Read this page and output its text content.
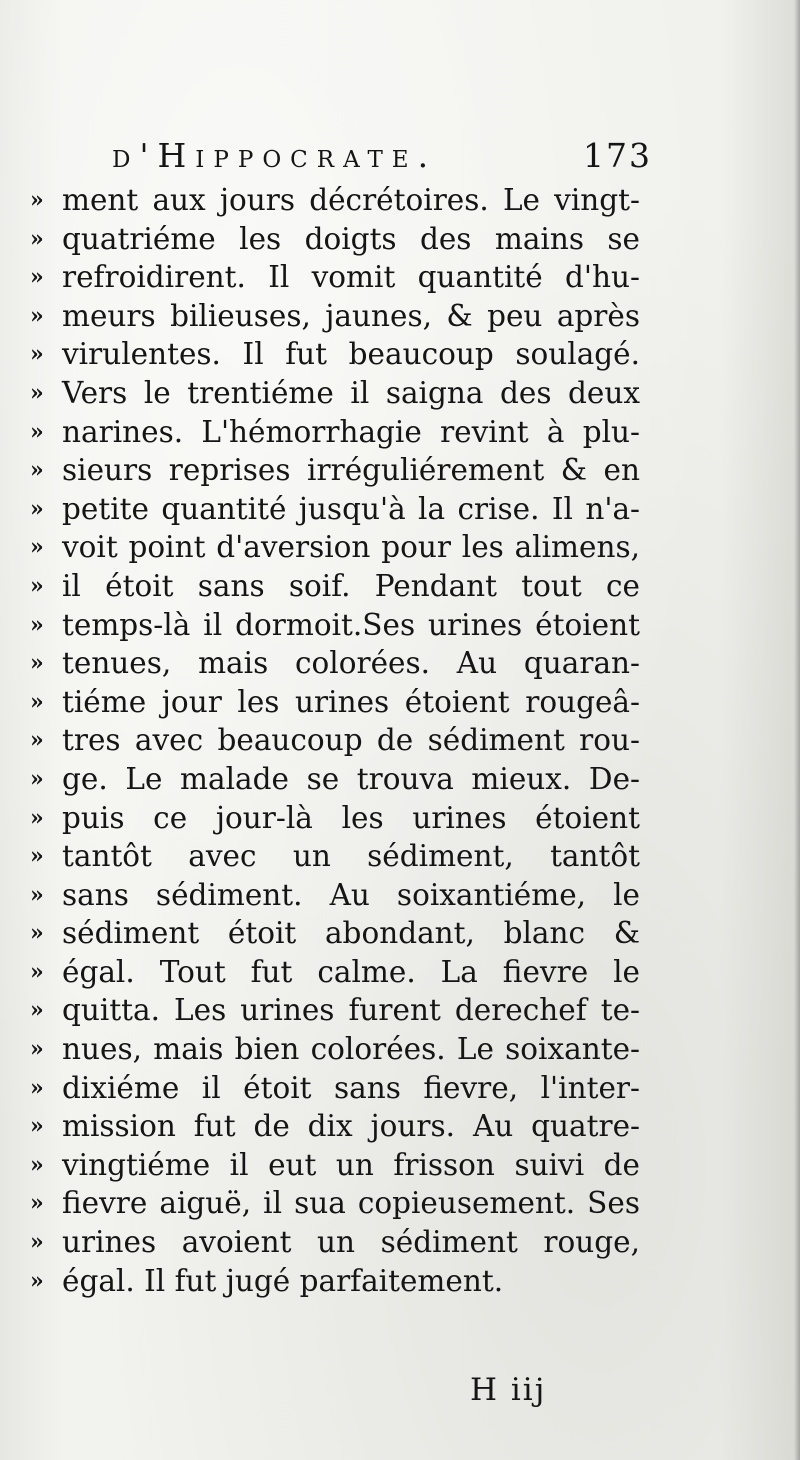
d'Hippocrate.	173
» ment aux jours décrétoires. Le vingt-
» quatriéme les doigts des mains se
» refroidirent. Il vomit quantité d'hu-
» meurs bilieuses, jaunes, & peu après
» virulentes. Il fut beaucoup soulagé.
» Vers le trentiéme il saigna des deux
» narines. L'hémorrhagie revint à plu-
» sieurs reprises irréguliérement & en
» petite quantité jusqu'à la crise. Il n'a-
» voit point d'aversion pour les alimens,
» il étoit sans soif. Pendant tout ce
» temps-là il dormoit.Ses urines étoient
» tenues, mais colorées. Au quaran-
» tiéme jour les urines étoient rougeâ-
» tres avec beaucoup de sédiment rou-
» ge. Le malade se trouva mieux. De-
» puis ce jour-là les urines étoient
» tantôt avec un sédiment, tantôt
» sans sédiment. Au soixantiéme, le
» sédiment étoit abondant, blanc &
» égal. Tout fut calme. La fievre le
» quitta. Les urines furent derechef te-
» nues, mais bien colorées. Le soixante-
» dixiéme il étoit sans fievre, l'inter-
» mission fut de dix jours. Au quatre-
» vingtiéme il eut un frisson suivi de
» fievre aiguë, il sua copieusement. Ses
» urines avoient un sédiment rouge,
» égal. Il fut jugé parfaitement.
H iij
